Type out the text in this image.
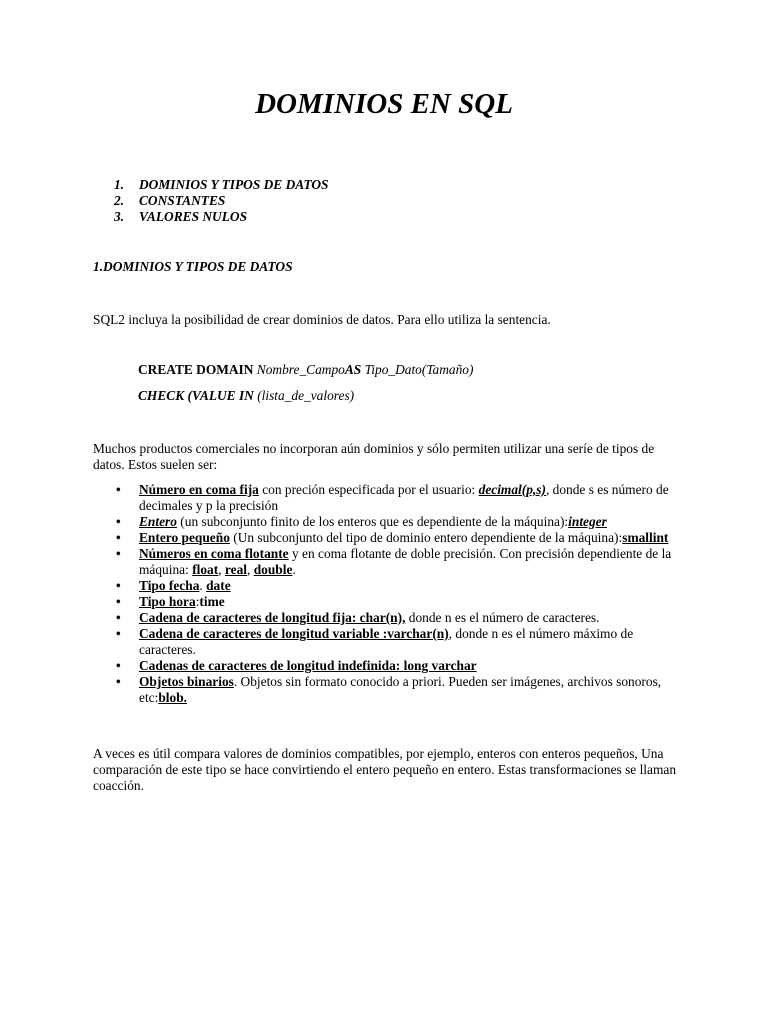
DOMINIOS EN SQL
1.	DOMINIOS Y TIPOS DE DATOS
2.	CONSTANTES
3.	VALORES NULOS
1.DOMINIOS Y TIPOS DE DATOS

SQL2 incluya la posibilidad de crear dominios de datos. Para ello utiliza la sentencia.

CREATE DOMAIN Nombre_CampoAS Tipo_Dato(Tamaño)

CHECK (VALUE IN (lista_de_valores)

Muchos productos comerciales no incorporan aún dominios y sólo permiten utilizar una seríe de tipos de datos. Estos suelen ser:

• Número en coma fija con preción especificada por el usuario: decimal(p,s), donde s es número de decimales y p la precisión
• Entero (un subconjunto finito de los enteros que es dependiente de la máquina):integer
• Entero pequeño (Un subconjunto del tipo de dominio entero dependiente de la máquina):smallint
• Números en coma flotante y en coma flotante de doble precisión. Con precisión dependiente de la máquina: float, real, double.
• Tipo fecha. date
• Tipo hora:time
• Cadena de caracteres de longitud fija: char(n), donde n es el número de caracteres.
• Cadena de caracteres de longitud variable :varchar(n), donde n es el número máximo de caracteres.
• Cadenas de caracteres de longitud indefinida: long varchar
• Objetos binarios. Objetos sin formato conocido a priori. Pueden ser imágenes, archivos sonoros, etc:blob.

A veces es útil compara valores de dominios compatibles, por ejemplo, enteros con enteros pequeños, Una comparación de este tipo se hace convirtiendo el entero pequeño en entero. Estas transformaciones se llaman coacción.
